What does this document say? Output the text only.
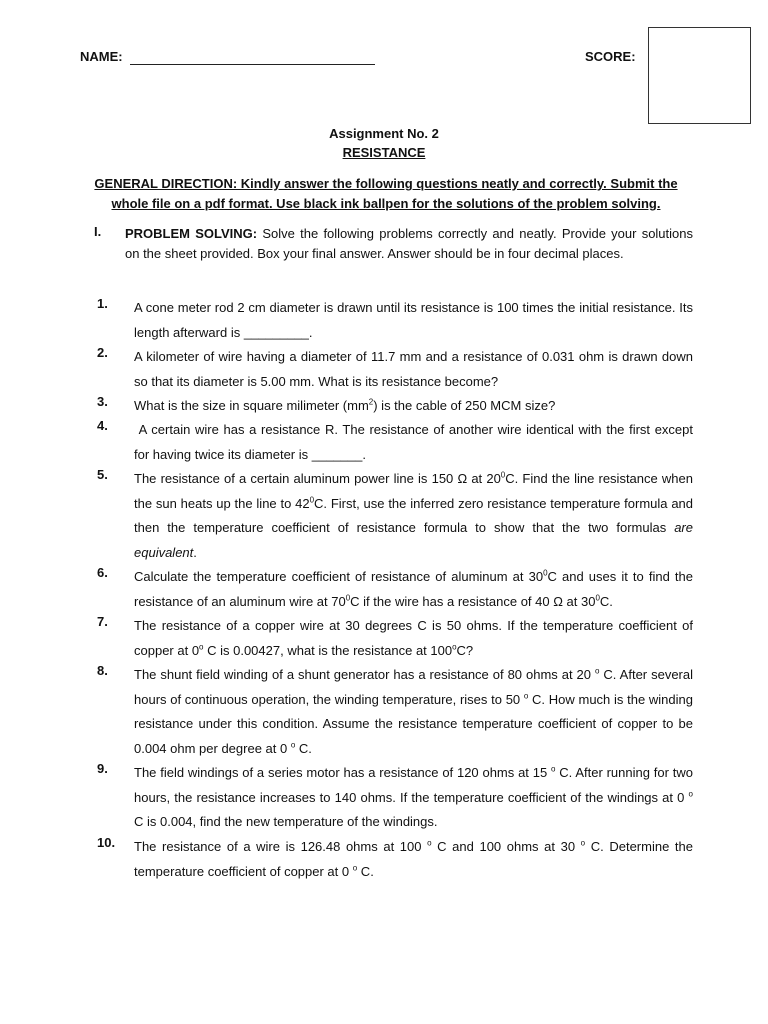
NAME:	SCORE:
Assignment No. 2
RESISTANCE
GENERAL DIRECTION: Kindly answer the following questions neatly and correctly. Submit the whole file on a pdf format. Use black ink ballpen for the solutions of the problem solving.
I. PROBLEM SOLVING: Solve the following problems correctly and neatly. Provide your solutions on the sheet provided. Box your final answer. Answer should be in four decimal places.
1. A cone meter rod 2 cm diameter is drawn until its resistance is 100 times the initial resistance. Its length afterward is _________.
2. A kilometer of wire having a diameter of 11.7 mm and a resistance of 0.031 ohm is drawn down so that its diameter is 5.00 mm. What is its resistance become?
3. What is the size in square milimeter $(mm^2)$ is the cable of 250 MCM size?
4. A certain wire has a resistance R. The resistance of another wire identical with the first except for having twice its diameter is _______.
5. The resistance of a certain aluminum power line is 150 Ω at $20^0C$. Find the line resistance when the sun heats up the line to $42^0C$. First, use the inferred zero resistance temperature formula and then the temperature coefficient of resistance formula to show that the two formulas are equivalent.
6. Calculate the temperature coefficient of resistance of aluminum at $30^0C$ and uses it to find the resistance of an aluminum wire at $70^0C$ if the wire has a resistance of 40 Ω at $30^0C$.
7. The resistance of a copper wire at 30 degrees C is 50 ohms. If the temperature coefficient of copper at 0$^o$ C is 0.00427, what is the resistance at 100$^o$C?
8. The shunt field winding of a shunt generator has a resistance of 80 ohms at 20 $^o$ C. After several hours of continuous operation, the winding temperature, rises to 50 $^o$ C. How much is the winding resistance under this condition. Assume the resistance temperature coefficient of copper to be 0.004 ohm per degree at 0 $^o$ C.
9. The field windings of a series motor has a resistance of 120 ohms at 15 $^o$ C. After running for two hours, the resistance increases to 140 ohms. If the temperature coefficient of the windings at 0 $^o$ C is 0.004, find the new temperature of the windings.
10. The resistance of a wire is 126.48 ohms at 100 $^o$ C and 100 ohms at 30 $^o$ C. Determine the temperature coefficient of copper at 0 $^o$ C.
